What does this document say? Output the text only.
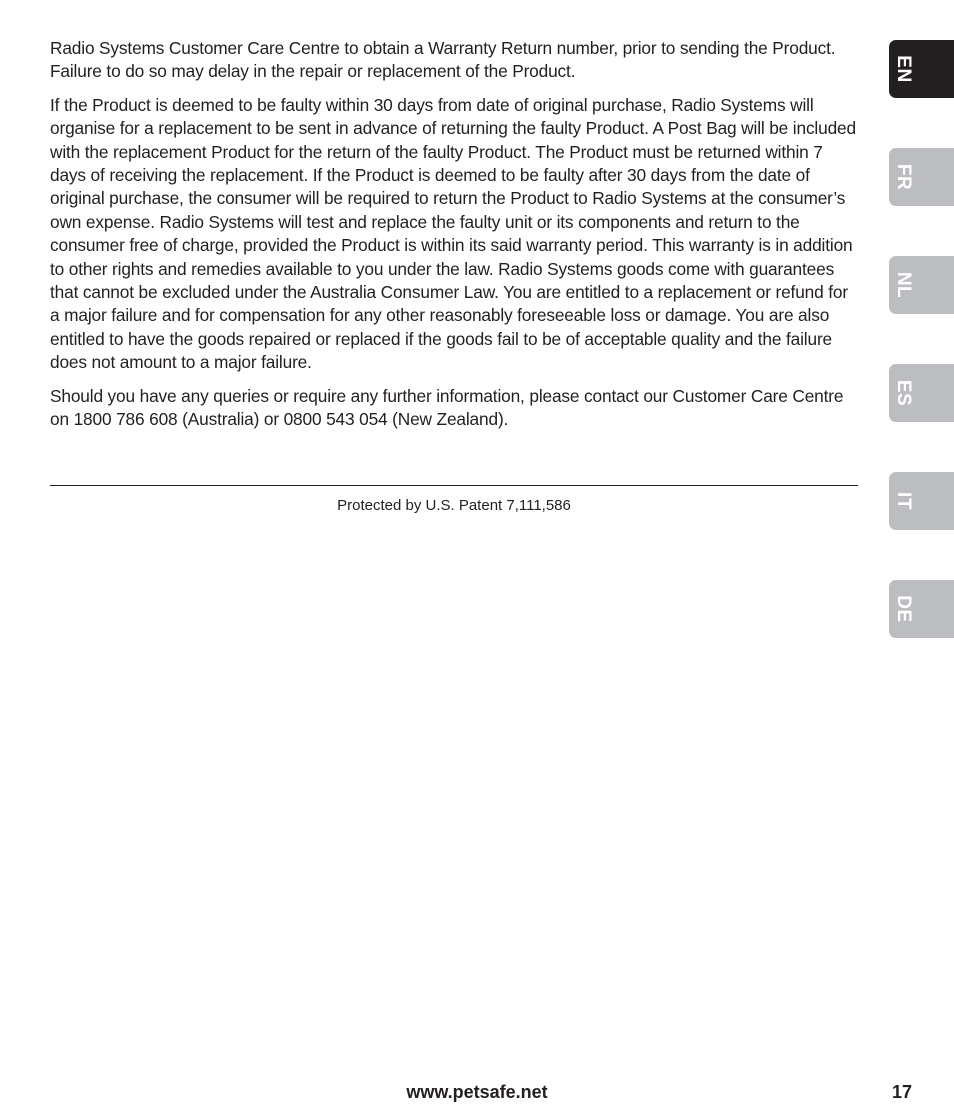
Radio Systems Customer Care Centre to obtain a Warranty Return number, prior to sending the Product. Failure to do so may delay in the repair or replacement of the Product.

If the Product is deemed to be faulty within 30 days from date of original purchase, Radio Systems will organise for a replacement to be sent in advance of returning the faulty Product. A Post Bag will be included with the replacement Product for the return of the faulty Product. The Product must be returned within 7 days of receiving the replacement. If the Product is deemed to be faulty after 30 days from the date of original purchase, the consumer will be required to return the Product to Radio Systems at the consumer’s own expense. Radio Systems will test and replace the faulty unit or its components and return to the consumer free of charge, provided the Product is within its said warranty period. This warranty is in addition to other rights and remedies available to you under the law. Radio Systems goods come with guarantees that cannot be excluded under the Australia Consumer Law. You are entitled to a replacement or refund for a major failure and for compensation for any other reasonably foreseeable loss or damage. You are also entitled to have the goods repaired or replaced if the goods fail to be of acceptable quality and the failure does not amount to a major failure.

Should you have any queries or require any further information, please contact our Customer Care Centre on 1800 786 608 (Australia) or 0800 543 054 (New Zealand).

Protected by U.S. Patent 7,111,586
EN
FR
NL
ES
IT
DE
www.petsafe.net	17
